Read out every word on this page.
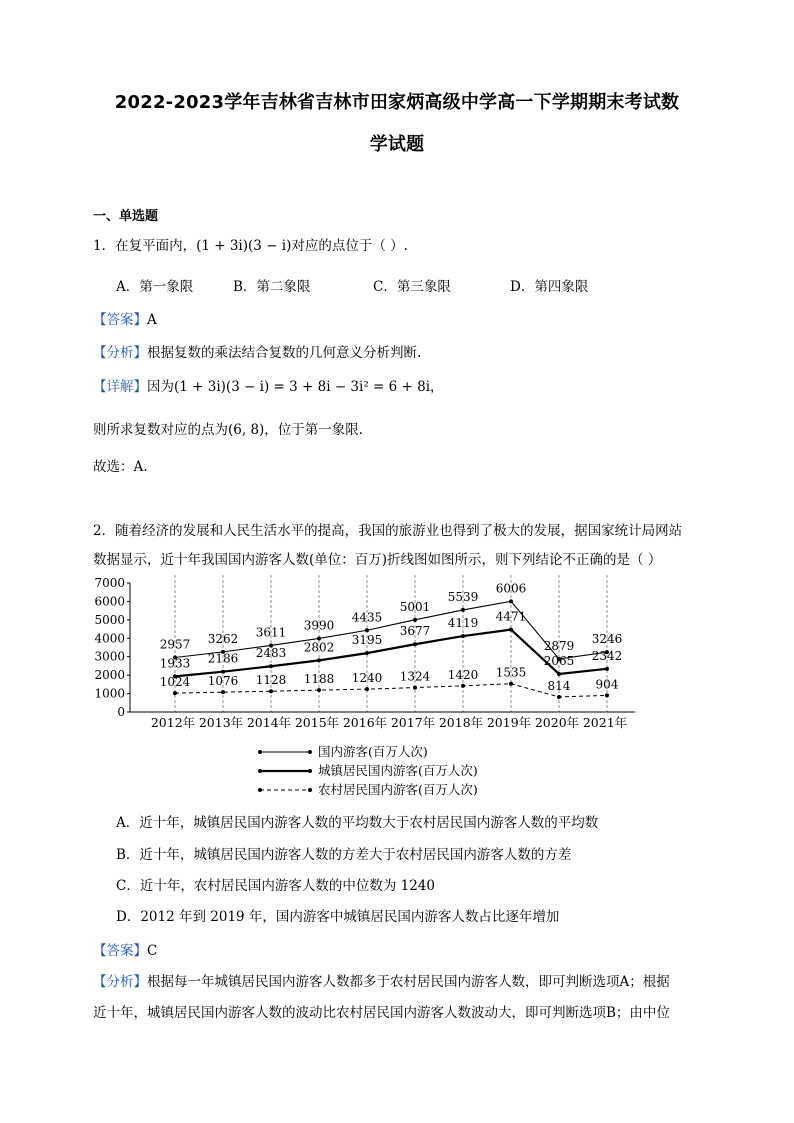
2022-2023学年吉林省吉林市田家炳高级中学高一下学期期末考试数
学试题
一、单选题
1．在复平面内，(1 + 3i)(3 − i)对应的点位于（ ）.
A．第一象限	B．第二象限	C．第三象限	D．第四象限
【答案】A
【分析】根据复数的乘法结合复数的几何意义分析判断.
【详解】因为(1 + 3i)(3 − i) = 3 + 8i − 3i² = 6 + 8i，
则所求复数对应的点为(6, 8)，位于第一象限.
故选：A.
2．随着经济的发展和人民生活水平的提高，我国的旅游业也得到了极大的发展，据国家统计局网站
数据显示，近十年我国国内游客人数(单位：百万)折线图如图所示，则下列结论不正确的是（ ）
0
1000
2000
3000
4000
5000
6000
7000
2012年 2013年 2014年 2015年 2016年 2017年 2018年 2019年 2020年 2021年
2957 3262 3611 3990
4435
5001
5539
6006
2879 3246
1933 2186 2483 2802
3195
3677
4119 4471
2065 2342
1024 1076 1128 1188 1240 1324 1420 1535
814 904
国内游客(百万人次)
城镇居民国内游客(百万人次)
农村居民国内游客(百万人次)
A．近十年，城镇居民国内游客人数的平均数大于农村居民国内游客人数的平均数
B．近十年，城镇居民国内游客人数的方差大于农村居民国内游客人数的方差
C．近十年，农村居民国内游客人数的中位数为 1240
D．2012 年到 2019 年，国内游客中城镇居民国内游客人数占比逐年增加
【答案】C
【分析】根据每一年城镇居民国内游客人数都多于农村居民国内游客人数，即可判断选项A；根据
近十年，城镇居民国内游客人数的波动比农村居民国内游客人数波动大，即可判断选项B；由中位
